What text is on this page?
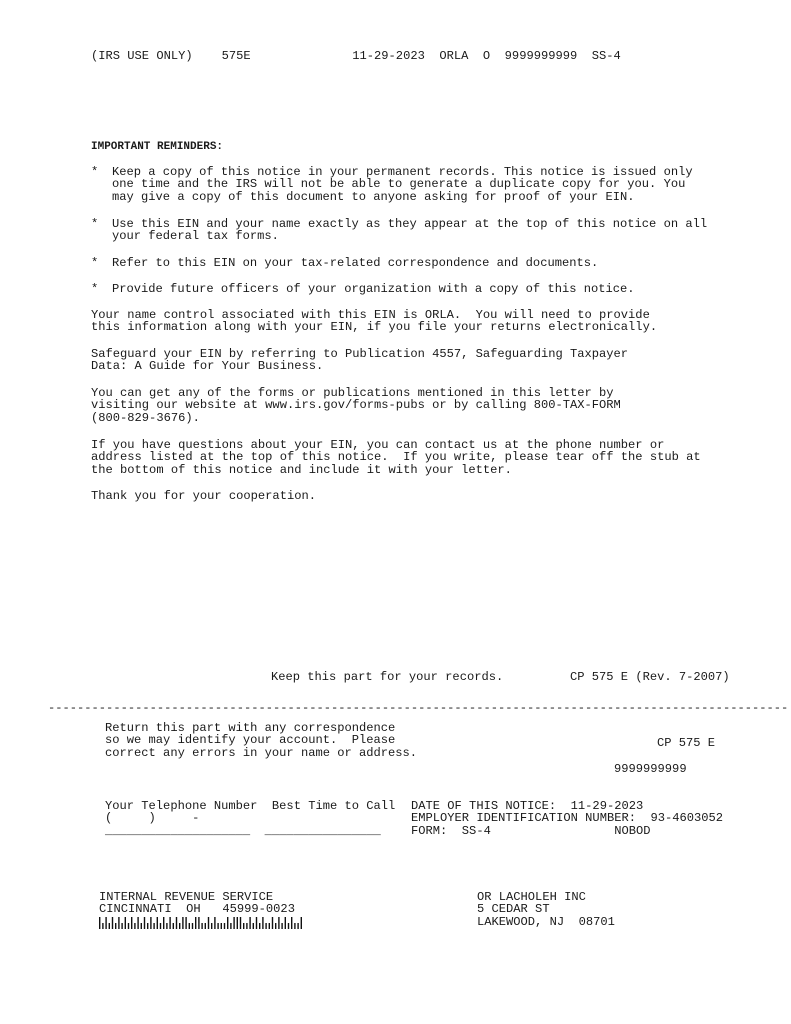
(IRS USE ONLY)    575E              11-29-2023  ORLA  O  9999999999  SS-4
IMPORTANT REMINDERS:
* Keep a copy of this notice in your permanent records. This notice is issued only
one time and the IRS will not be able to generate a duplicate copy for you. You
may give a copy of this document to anyone asking for proof of your EIN.
* Use this EIN and your name exactly as they appear at the top of this notice on all
your federal tax forms.
* Refer to this EIN on your tax-related correspondence and documents.
* Provide future officers of your organization with a copy of this notice.
Your name control associated with this EIN is ORLA.  You will need to provide
this information along with your EIN, if you file your returns electronically.
Safeguard your EIN by referring to Publication 4557, Safeguarding Taxpayer
Data: A Guide for Your Business.
You can get any of the forms or publications mentioned in this letter by
visiting our website at www.irs.gov/forms-pubs or by calling 800-TAX-FORM
(800-829-3676).
If you have questions about your EIN, you can contact us at the phone number or
address listed at the top of this notice.  If you write, please tear off the stub at
the bottom of this notice and include it with your letter.
Thank you for your cooperation.
Keep this part for your records.	CP 575 E (Rev. 7-2007)
------------------------------------------------------------------------------------------------------
Return this part with any correspondence
so we may identify your account.  Please
correct any errors in your name or address.
CP 575 E
9999999999
Your Telephone Number  Best Time to Call
(     )     -
____________________  ________________
DATE OF THIS NOTICE:  11-29-2023
EMPLOYER IDENTIFICATION NUMBER:  93-4603052
FORM:  SS-4                 NOBOD
INTERNAL REVENUE SERVICE
CINCINNATI  OH   45999-0023
OR LACHOLEH INC
5 CEDAR ST
LAKEWOOD, NJ  08701
